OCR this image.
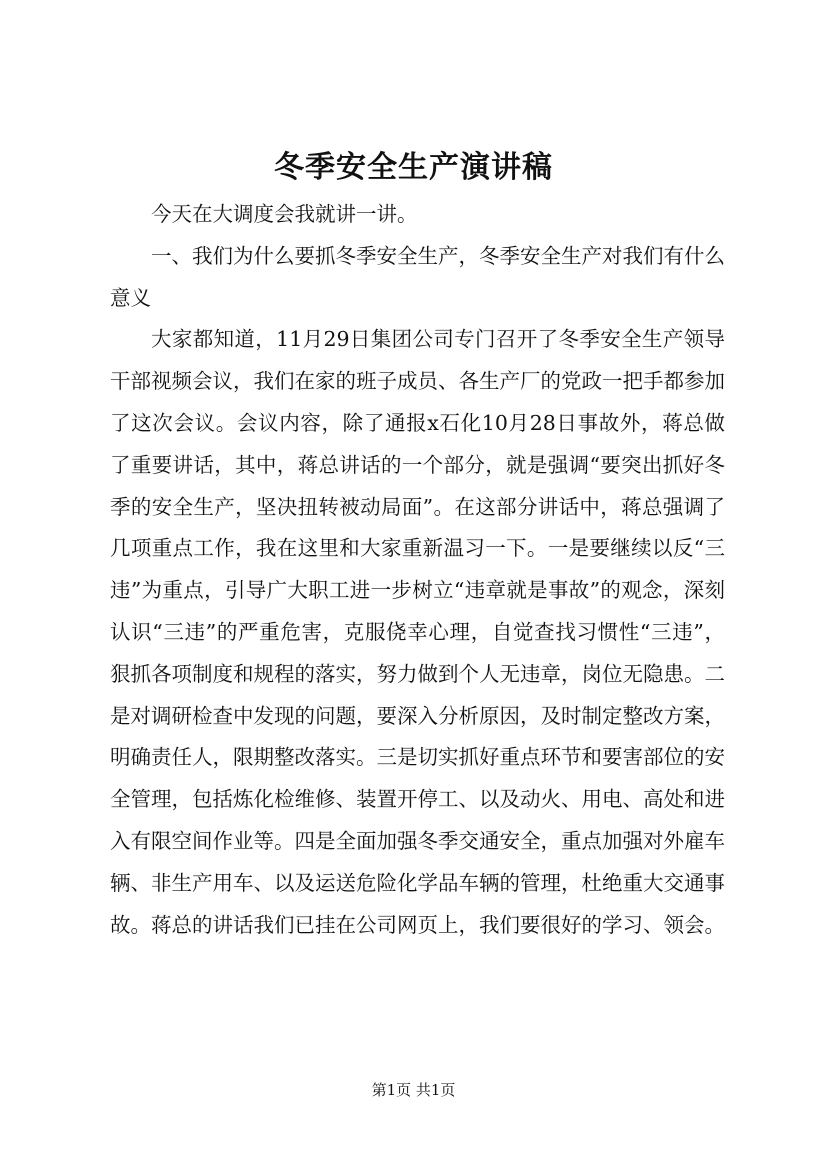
冬季安全生产演讲稿

今天在大调度会我就讲一讲。

一、我们为什么要抓冬季安全生产，冬季安全生产对我们有什么意义

大家都知道，11月29日集团公司专门召开了冬季安全生产领导干部视频会议，我们在家的班子成员、各生产厂的党政一把手都参加了这次会议。会议内容，除了通报x石化10月28日事故外，蒋总做了重要讲话，其中，蒋总讲话的一个部分，就是强调“要突出抓好冬季的安全生产，坚决扭转被动局面”。在这部分讲话中，蒋总强调了几项重点工作，我在这里和大家重新温习一下。一是要继续以反“三违”为重点，引导广大职工进一步树立“违章就是事故”的观念，深刻认识“三违”的严重危害，克服侥幸心理，自觉查找习惯性“三违”，狠抓各项制度和规程的落实，努力做到个人无违章，岗位无隐患。二是对调研检查中发现的问题，要深入分析原因，及时制定整改方案，明确责任人，限期整改落实。三是切实抓好重点环节和要害部位的安全管理，包括炼化检维修、装置开停工、以及动火、用电、高处和进入有限空间作业等。四是全面加强冬季交通安全，重点加强对外雇车辆、非生产用车、以及运送危险化学品车辆的管理，杜绝重大交通事故。蒋总的讲话我们已挂在公司网页上，我们要很好的学习、领会。

第1页 共1页
